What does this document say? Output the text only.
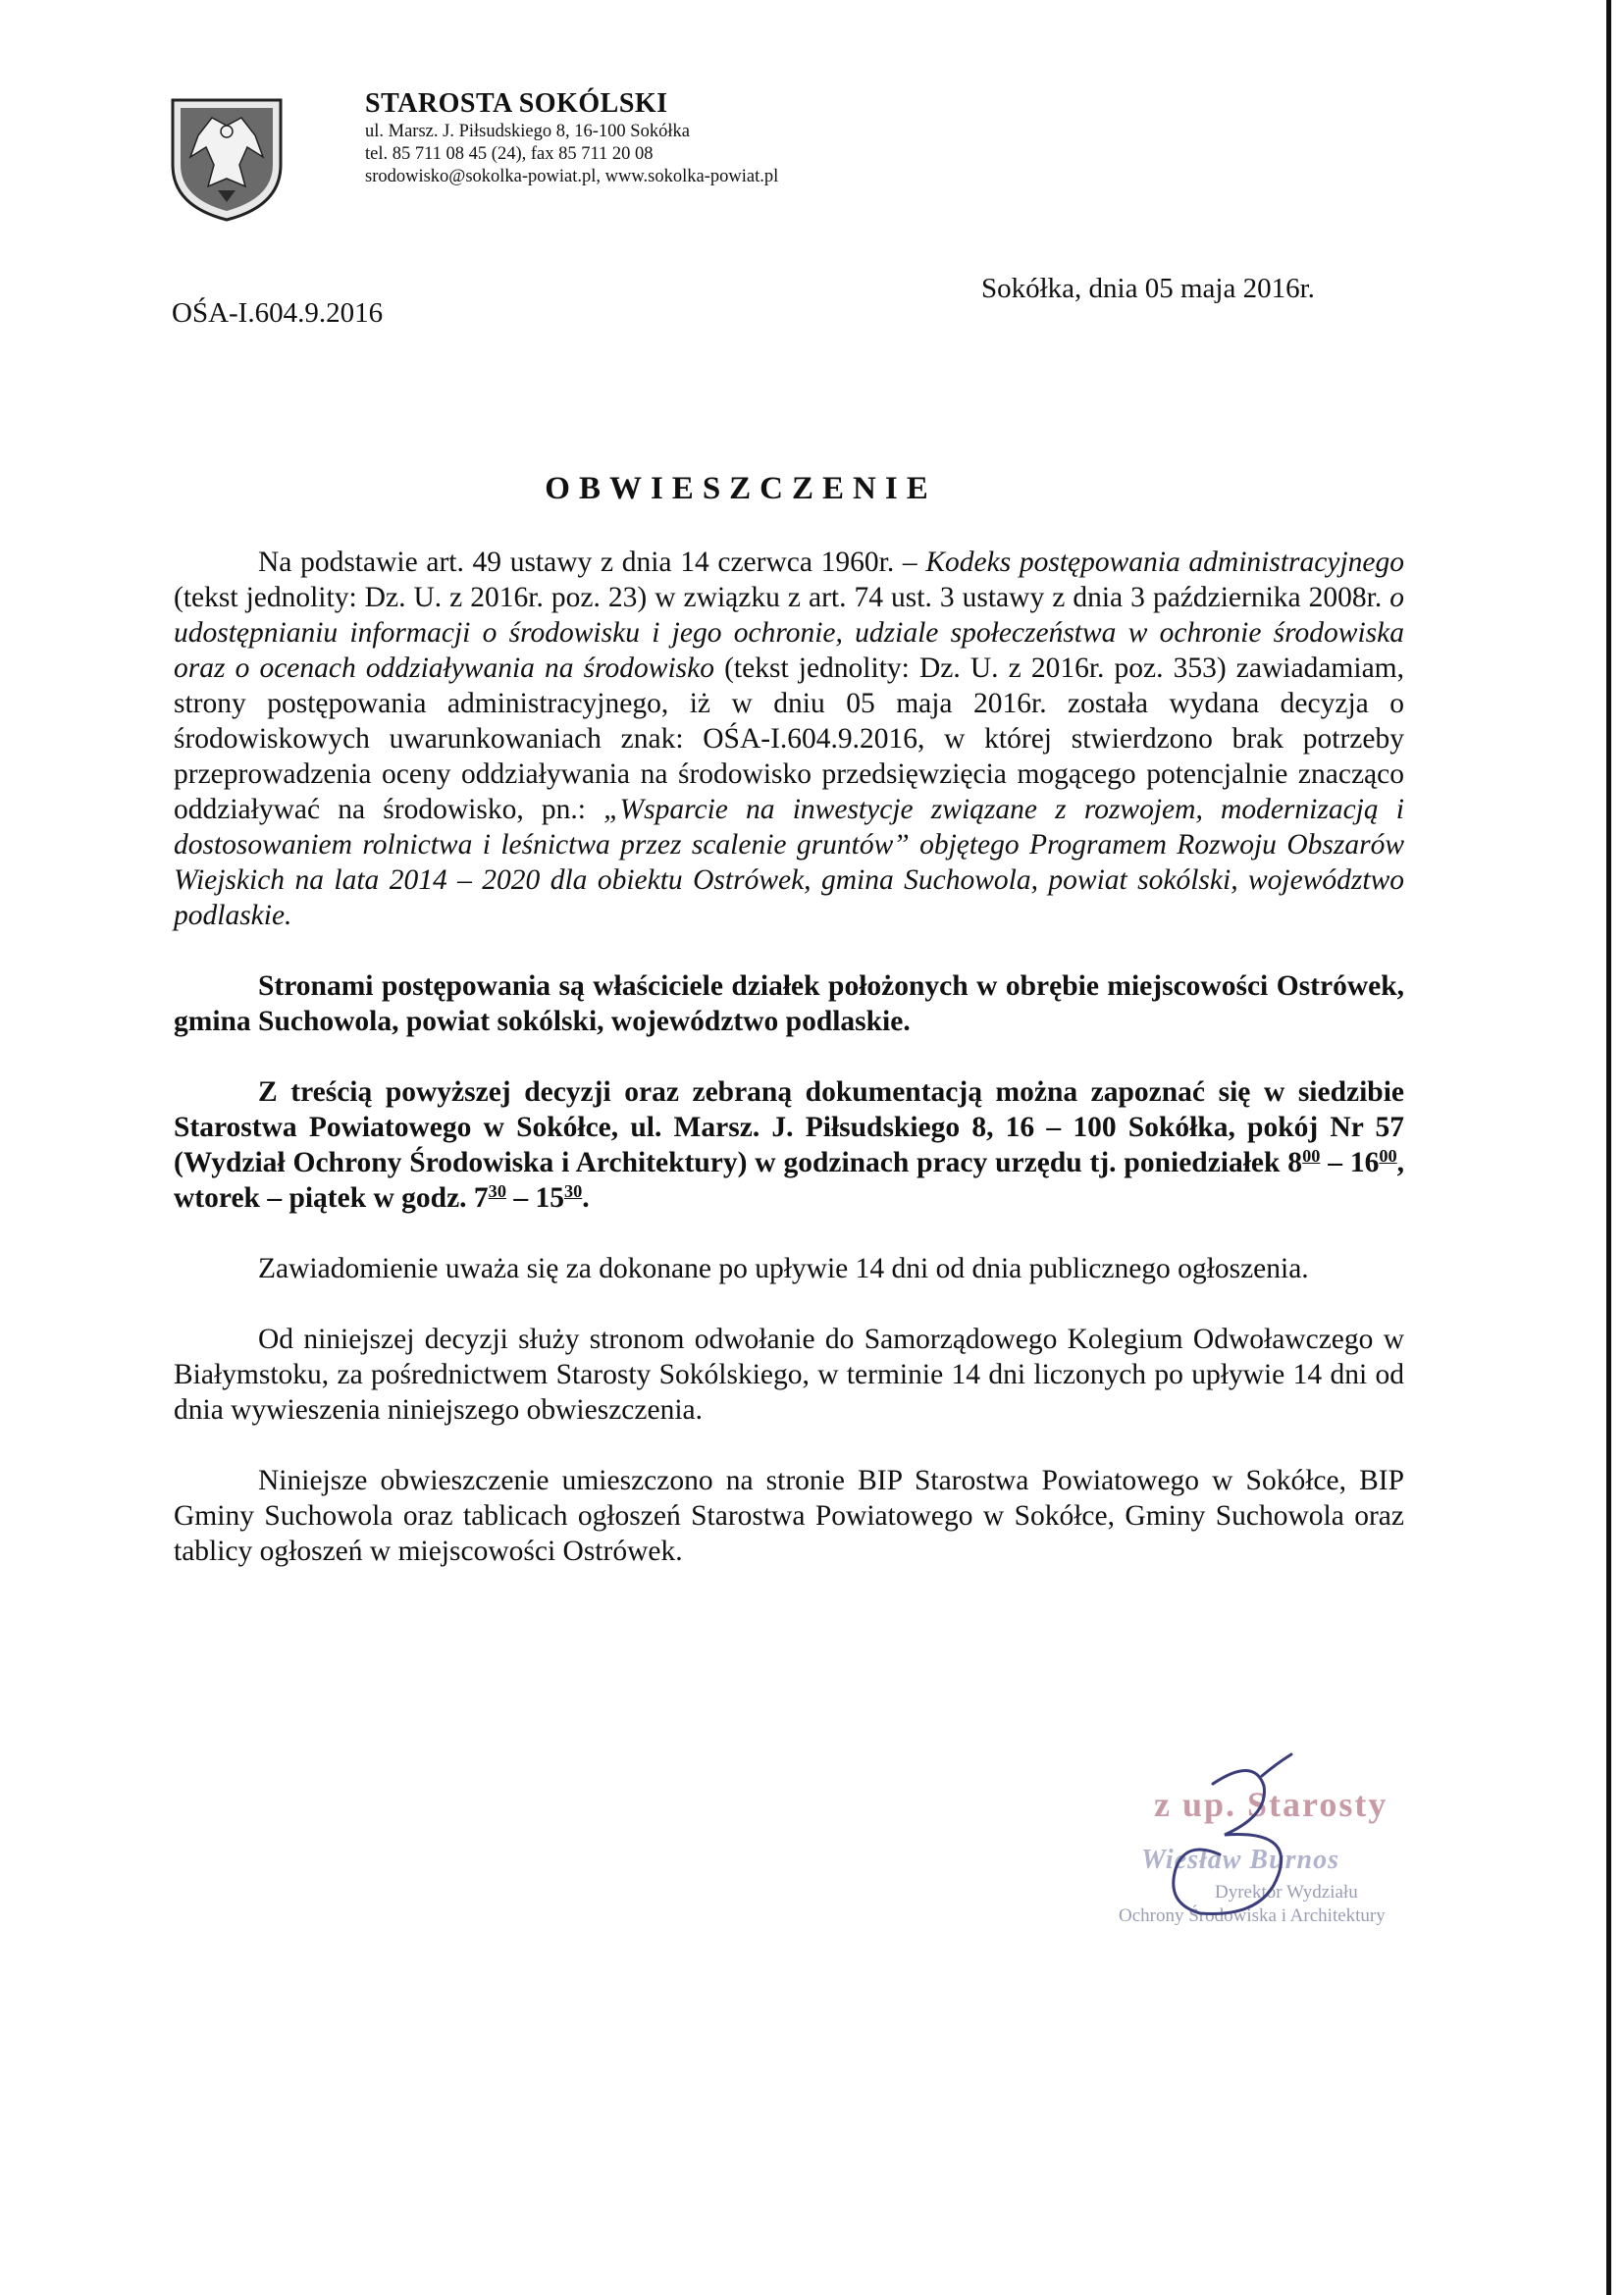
STAROSTA SOKÓLSKI
ul. Marsz. J. Piłsudskiego 8, 16-100 Sokółka
tel. 85 711 08 45 (24), fax 85 711 20 08
srodowisko@sokolka-powiat.pl, www.sokolka-powiat.pl
OŚA-I.604.9.2016
Sokółka, dnia 05 maja 2016r.
OBWIESZCZENIE

Na podstawie art. 49 ustawy z dnia 14 czerwca 1960r. – Kodeks postępowania administracyjnego (tekst jednolity: Dz. U. z 2016r. poz. 23) w związku z art. 74 ust. 3 ustawy z dnia 3 października 2008r. o udostępnianiu informacji o środowisku i jego ochronie, udziale społeczeństwa w ochronie środowiska oraz o ocenach oddziaływania na środowisko (tekst jednolity: Dz. U. z 2016r. poz. 353) zawiadamiam, strony postępowania administracyjnego, iż w dniu 05 maja 2016r. została wydana decyzja o środowiskowych uwarunkowaniach znak: OŚA-I.604.9.2016, w której stwierdzono brak potrzeby przeprowadzenia oceny oddziaływania na środowisko przedsięwzięcia mogącego potencjalnie znacząco oddziaływać na środowisko, pn.: „Wsparcie na inwestycje związane z rozwojem, modernizacją i dostosowaniem rolnictwa i leśnictwa przez scalenie gruntów” objętego Programem Rozwoju Obszarów Wiejskich na lata 2014 – 2020 dla obiektu Ostrówek, gmina Suchowola, powiat sokólski, województwo podlaskie.

Stronami postępowania są właściciele działek położonych w obrębie miejscowości Ostrówek, gmina Suchowola, powiat sokólski, województwo podlaskie.

Z treścią powyższej decyzji oraz zebraną dokumentacją można zapoznać się w siedzibie Starostwa Powiatowego w Sokółce, ul. Marsz. J. Piłsudskiego 8, 16 – 100 Sokółka, pokój Nr 57 (Wydział Ochrony Środowiska i Architektury) w godzinach pracy urzędu tj. poniedziałek $8^{00} - 16^{00}$, wtorek – piątek w godz. $7^{30} - 15^{30}$.

Zawiadomienie uważa się za dokonane po upływie 14 dni od dnia publicznego ogłoszenia.

Od niniejszej decyzji służy stronom odwołanie do Samorządowego Kolegium Odwoławczego w Białymstoku, za pośrednictwem Starosty Sokólskiego, w terminie 14 dni liczonych po upływie 14 dni od dnia wywieszenia niniejszego obwieszczenia.

Niniejsze obwieszczenie umieszczono na stronie BIP Starostwa Powiatowego w Sokółce, BIP Gminy Suchowola oraz tablicach ogłoszeń Starostwa Powiatowego w Sokółce, Gminy Suchowola oraz tablicy ogłoszeń w miejscowości Ostrówek.

z up. Starosty
Wiesław Burnos
Dyrektor Wydziału
Ochrony Środowiska i Architektury
